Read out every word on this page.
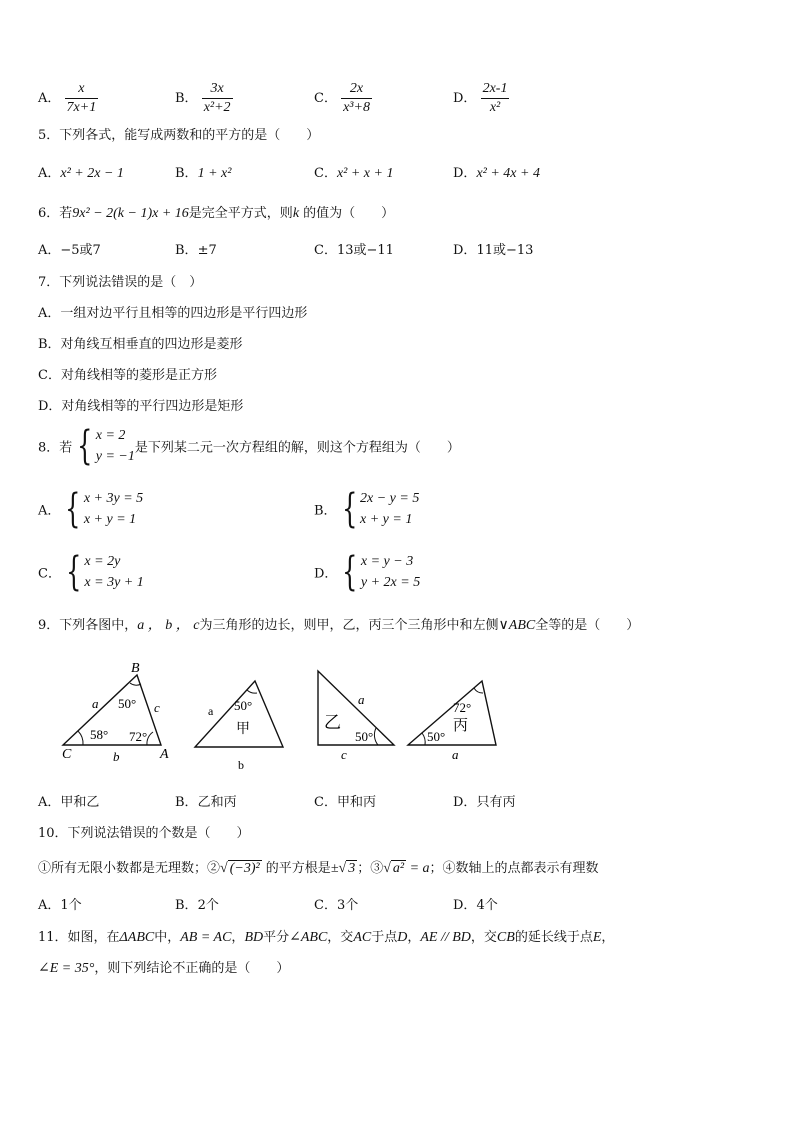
A． $\frac{x}{7x+1}$	B． $\frac{3x}{\text{x²+2}}$	C． $\frac{2x}{\text{x³+8}}$	D． $\frac{2x-1}{\text{x²}}$
5．下列各式，能写成两数和的平方的是（　　）
A．x² + 2x − 1	B．1 + x²	C．x² + x + 1	D．x² + 4x + 4
6．若9x² − 2(k − 1)x + 16是完全平方式，则k 的值为（　　）
A．−5或7	B．±7	C．13或−11	D．11或−13
7．下列说法错误的是（　）
A．一组对边平行且相等的四边形是平行四边形
B．对角线互相垂直的四边形是菱形
C．对角线相等的菱形是正方形
D．对角线相等的平行四边形是矩形
8．若 { x = 2
y = −1
是下列某二元一次方程组的解，则这个方程组为（　　）
A． { x + 3y = 5
x + y = 1
B． { 2x − y = 5
x + y = 1
C． { x = 2y
x = 3y + 1
D． { x = y − 3
y + 2x = 5
9．下列各图中，a ， b ， c为三角形的边长，则甲，乙，丙三个三角形中和左侧∨ABC全等的是（　　）
B
C	A
a	c
b
50°
58° 72°
50°
甲
a
b
乙
a
50°
c
72°
丙
50°
a
A．甲和乙	B．乙和丙	C．甲和丙	D．只有丙
10．下列说法错误的个数是（　　）
①所有无限小数都是无理数；②√ (−3)² 的平方根是±√ 3 ；③√ a² = a；④数轴上的点都表示有理数
A．1个	B．2个	C．3个	D．4个
11．如图，在ΔABC中，AB = AC，BD平分∠ABC，交AC于点D，AE // BD，交CB的延长线于点E，
∠E = 35°，则下列结论不正确的是（　　）
